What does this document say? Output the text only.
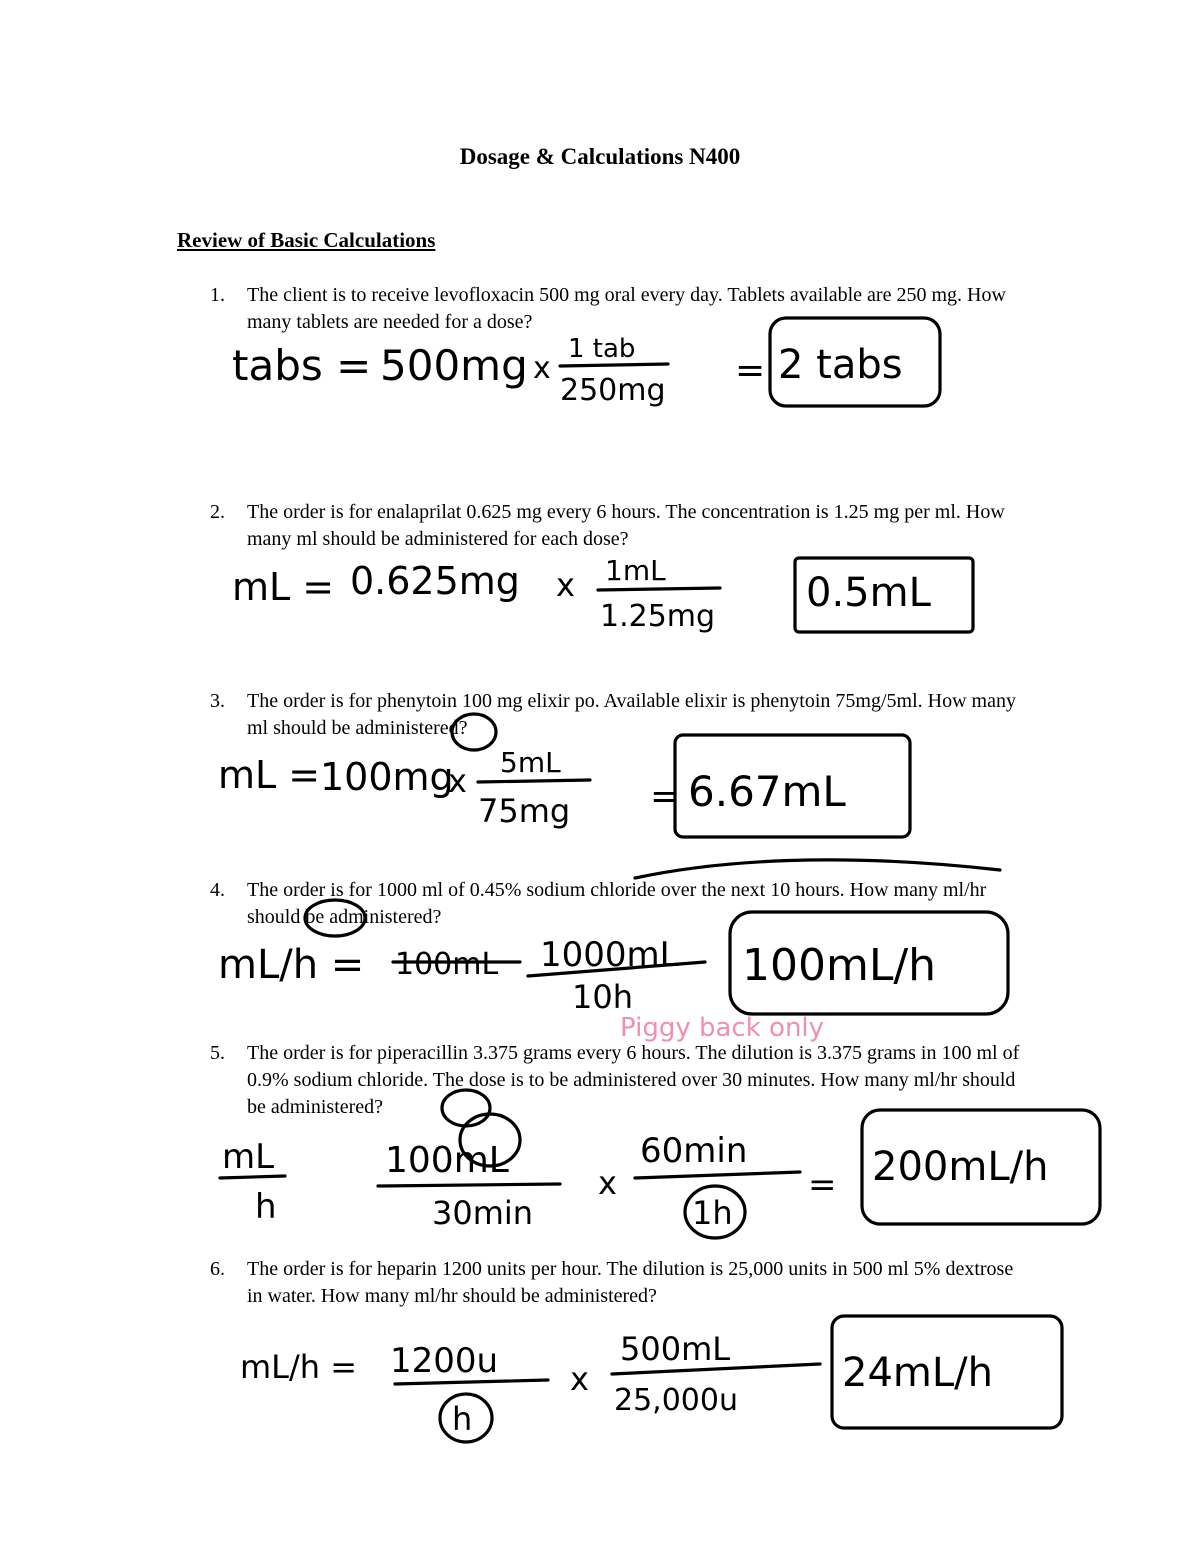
Dosage & Calculations N400
Review of Basic Calculations
1. The client is to receive levofloxacin 500 mg oral every day. Tablets available are 250 mg. How many tablets are needed for a dose?
2. The order is for enalaprilat 0.625 mg every 6 hours. The concentration is 1.25 mg per ml. How many ml should be administered for each dose?
3. The order is for phenytoin 100 mg elixir po. Available elixir is phenytoin 75mg/5ml. How many ml should be administered?
4. The order is for 1000 ml of 0.45% sodium chloride over the next 10 hours. How many ml/hr should be administered?
5. The order is for piperacillin 3.375 grams every 6 hours. The dilution is 3.375 grams in 100 ml of 0.9% sodium chloride. The dose is to be administered over 30 minutes. How many ml/hr should be administered?
6. The order is for heparin 1200 units per hour. The dilution is 25,000 units in 500 ml 5% dextrose in water. How many ml/hr should be administered?
tabs = 500mg x
1 tab
250mg = 2 tabs
mL = 0.625mg x 1mL
1.25mg
0.5mL
mL = 100mg
x 5mL
75mg = 6.67mL
mL/h = 100mL 1000mL
10h
100mL/h
Piggy back only
mL
h
100mL
30min
x
60min
1h
= 200mL/h
mL/h = 1200u
h
x
500mL
25,000u
24mL/h
